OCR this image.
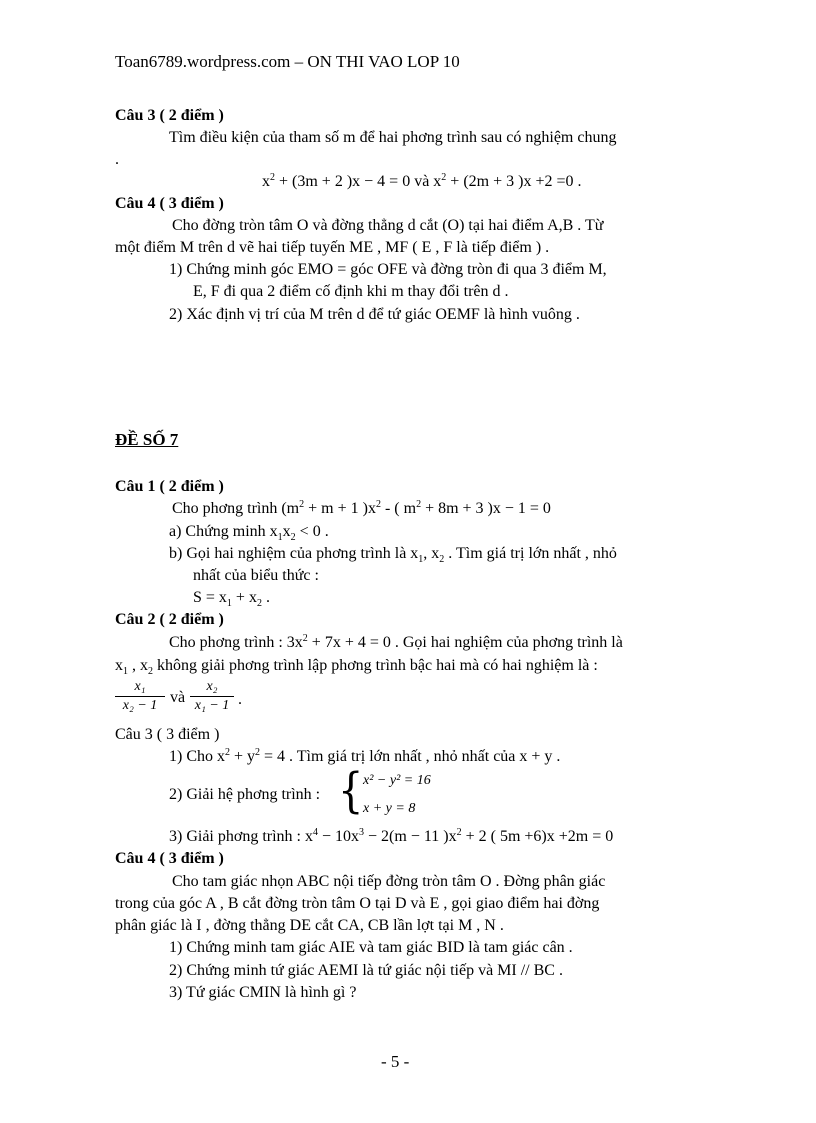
Toan6789.wordpress.com – ON THI VAO LOP 10
Câu 3 ( 2 điểm )
Tìm điều kiện của tham số m để hai phơng trình sau có nghiệm chung
.
$x^2 + (3m + 2$ )x − 4 = 0 và $x^2 + (2m + 3$ )x +2 =0 .
Câu 4 ( 3 điểm )
Cho đờng tròn tâm O và đờng thẳng d cắt (O) tại hai điểm A,B . Từ
một điểm M trên d vẽ hai tiếp tuyến ME , MF ( E , F là tiếp điểm ) .
1) Chứng minh góc EMO = góc OFE và đờng tròn đi qua 3 điểm M,
E, F đi qua 2 điểm cố định khi m thay đổi trên d .
2) Xác định vị trí của M trên d để tứ giác OEMF là hình vuông .
ĐỀ SỐ 7
Câu 1 ( 2 điểm )
Cho phơng trình ($m^2 + m + 1$ )$x^2$ - ( $m^2 + 8m + 3$ )x − 1 = 0
a) Chứng minh $x_1x_2 < 0$ .
b) Gọi hai nghiệm của phơng trình là $x_1$, $x_2$ . Tìm giá trị lớn nhất , nhỏ
nhất của biểu thức :
$S = x_1 + x_2$ .
Câu 2 ( 2 điểm )
Cho phơng trình : $3x^2 + 7x + 4 = 0$ . Gọi hai nghiệm của phơng trình là
$x_1$ , $x_2$ không giải phơng trình lập phơng trình bậc hai mà có hai nghiệm là :
x₁
x₂ − 1 và
x₂
x₁ − 1 .
Câu 3 ( 3 điểm )
1) Cho $x^2 + y^2 = 4$ . Tìm giá trị lớn nhất , nhỏ nhất của x + y .
2) Giải hệ phơng trình : { x² − y² = 16
x + y = 8
3) Giải phơng trình : $x^4 - 10x^3 - 2(m - 11$ )$x^2 + 2$ ( 5m +6)x +2m = 0
Câu 4 ( 3 điểm )
Cho tam giác nhọn ABC nội tiếp đờng tròn tâm O . Đờng phân giác
trong của góc A , B cắt đờng tròn tâm O tại D và E , gọi giao điểm hai đờng
phân giác là I , đờng thẳng DE cắt CA, CB lần lợt tại M , N .
1) Chứng minh tam giác AIE và tam giác BID là tam giác cân .
2) Chứng minh tứ giác AEMI là tứ giác nội tiếp và MI // BC .
3) Tứ giác CMIN là hình gì ?
- 5 -
